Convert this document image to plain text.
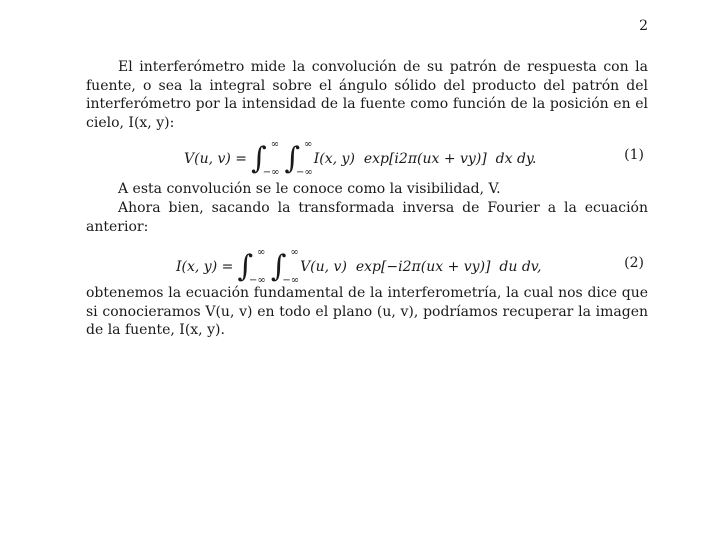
2

El interferómetro mide la convolución de su patrón de respuesta con la fuente, o sea la integral sobre el ángulo sólido del producto del patrón del interferómetro por la intensidad de la fuente como función de la posición en el cielo, I(x, y):

V(u, v) = ∫ ∞
−∞ ∫ ∞
−∞
I(x, y)  exp[i2π(ux + vy)]  dx dy.	(1)

A esta convolución se le conoce como la visibilidad, V.

Ahora bien, sacando la transformada inversa de Fourier a la ecuación anterior:

I(x, y) = ∫ ∞
−∞ ∫ ∞
−∞
V(u, v)  exp[−i2π(ux + vy)]  du dv,	(2)

obtenemos la ecuación fundamental de la interferometría, la cual nos dice que si conocieramos V(u, v) en todo el plano (u, v), podríamos recuperar la imagen de la fuente, I(x, y).
